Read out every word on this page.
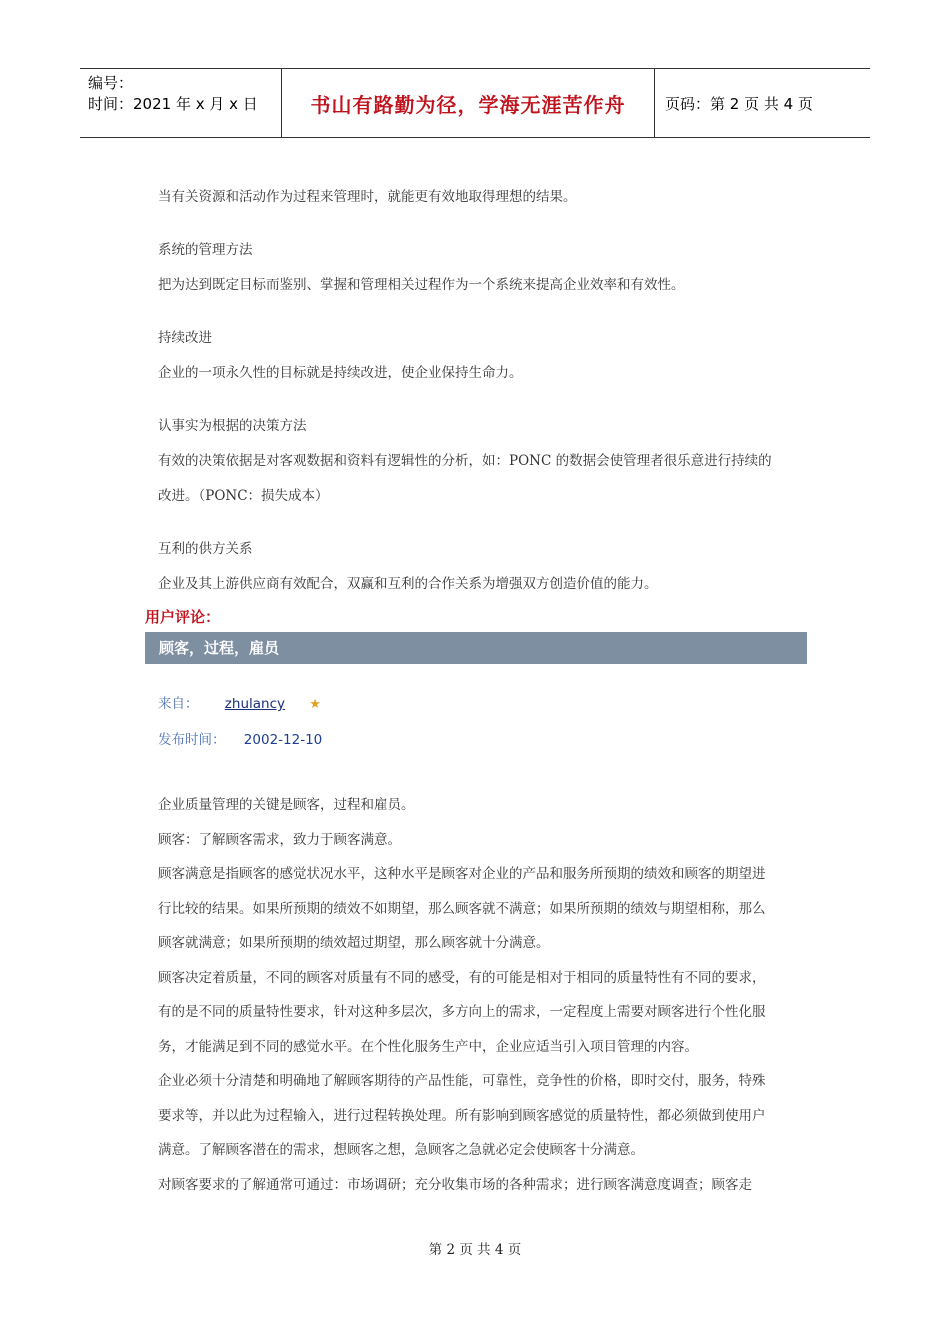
编号：
时间：2021 年 x 月 x 日	书山有路勤为径，学海无涯苦作舟	页码：第 2 页 共 4 页

当有关资源和活动作为过程来管理时，就能更有效地取得理想的结果。

系统的管理方法

把为达到既定目标而鉴别、掌握和管理相关过程作为一个系统来提高企业效率和有效性。

持续改进

企业的一项永久性的目标就是持续改进，使企业保持生命力。

认事实为根据的决策方法

有效的决策依据是对客观数据和资料有逻辑性的分析，如：PONC 的数据会使管理者很乐意进行持续的

改进。（PONC：损失成本）

互利的供方关系

企业及其上游供应商有效配合，双赢和互利的合作关系为增强双方创造价值的能力。

用户评论：
顾客，过程，雇员
来自： zhulancy ★
发布时间： 2002-12-10

企业质量管理的关键是顾客，过程和雇员。

顾客：了解顾客需求，致力于顾客满意。

顾客满意是指顾客的感觉状况水平，这种水平是顾客对企业的产品和服务所预期的绩效和顾客的期望进

行比较的结果。如果所预期的绩效不如期望，那么顾客就不满意；如果所预期的绩效与期望相称，那么

顾客就满意；如果所预期的绩效超过期望，那么顾客就十分满意。

顾客决定着质量，不同的顾客对质量有不同的感受，有的可能是相对于相同的质量特性有不同的要求，

有的是不同的质量特性要求，针对这种多层次，多方向上的需求，一定程度上需要对顾客进行个性化服

务，才能满足到不同的感觉水平。在个性化服务生产中，企业应适当引入项目管理的内容。

企业必须十分清楚和明确地了解顾客期待的产品性能，可靠性，竞争性的价格，即时交付，服务，特殊

要求等，并以此为过程输入，进行过程转换处理。所有影响到顾客感觉的质量特性，都必须做到使用户

满意。了解顾客潜在的需求，想顾客之想，急顾客之急就必定会使顾客十分满意。

对顾客要求的了解通常可通过：市场调研；充分收集市场的各种需求；进行顾客满意度调查；顾客走

第 2 页 共 4 页
